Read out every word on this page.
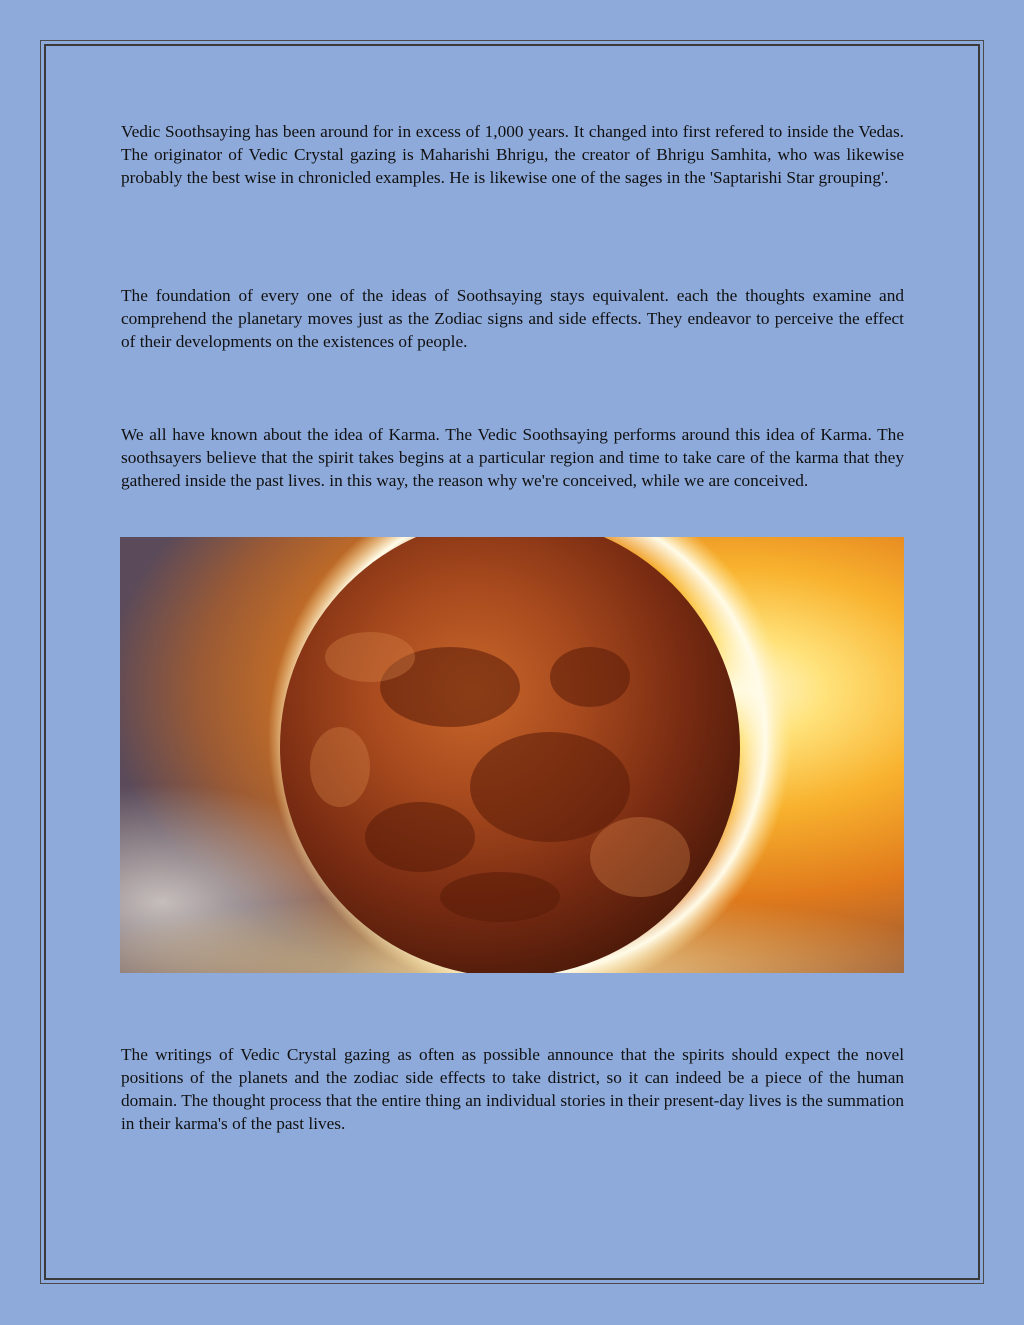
Vedic Soothsaying has been around for in excess of 1,000 years. It changed into first refered to inside the Vedas. The originator of Vedic Crystal gazing is Maharishi Bhrigu, the creator of Bhrigu Samhita, who was likewise probably the best wise in chronicled examples. He is likewise one of the sages in the 'Saptarishi Star grouping'.

The foundation of every one of the ideas of Soothsaying stays equivalent. each the thoughts examine and comprehend the planetary moves just as the Zodiac signs and side effects. They endeavor to perceive the effect of their developments on the existences of people.

We all have known about the idea of Karma. The Vedic Soothsaying performs around this idea of Karma. The soothsayers believe that the spirit takes begins at a particular region and time to take care of the karma that they gathered inside the past lives. in this way, the reason why we're conceived, while we are conceived.

The writings of Vedic Crystal gazing as often as possible announce that the spirits should expect the novel positions of the planets and the zodiac side effects to take district, so it can indeed be a piece of the human domain. The thought process that the entire thing an individual stories in their present-day lives is the summation in their karma's of the past lives.
